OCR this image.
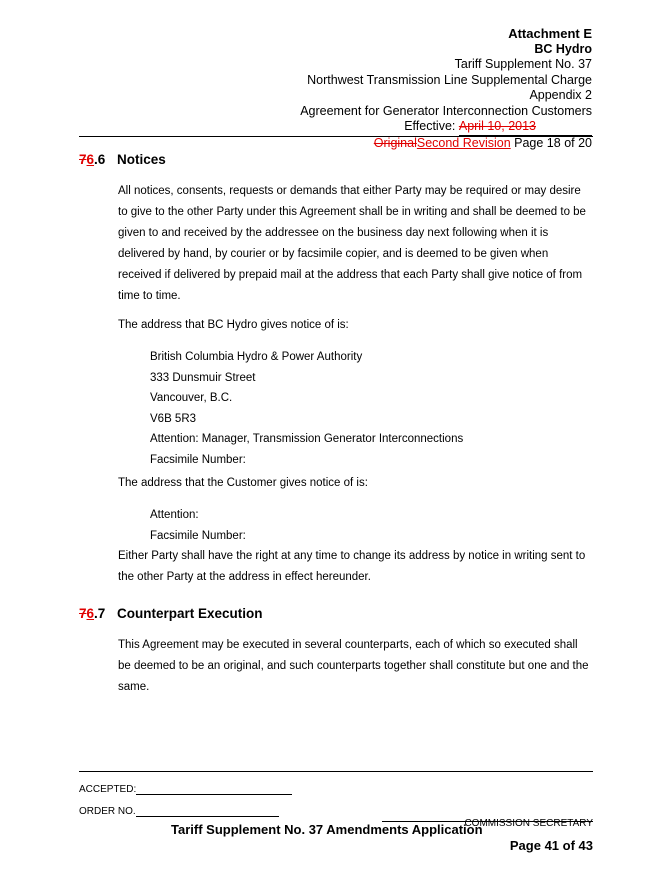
Attachment E
BC Hydro
Tariff Supplement No. 37
Northwest Transmission Line Supplemental Charge
Appendix 2
Agreement for Generator Interconnection Customers
Effective: April 10, 2013
OriginalSecond Revision Page 18 of 20
76.6 Notices
All notices, consents, requests or demands that either Party may be required or may desire to give to the other Party under this Agreement shall be in writing and shall be deemed to be given to and received by the addressee on the business day next following when it is delivered by hand, by courier or by facsimile copier, and is deemed to be given when received if delivered by prepaid mail at the address that each Party shall give notice of from time to time.
The address that BC Hydro gives notice of is:
British Columbia Hydro & Power Authority
333 Dunsmuir Street
Vancouver, B.C.
V6B 5R3
Attention: Manager, Transmission Generator Interconnections
Facsimile Number:
The address that the Customer gives notice of is:
Attention:
Facsimile Number:
Either Party shall have the right at any time to change its address by notice in writing sent to the other Party at the address in effect hereunder.
76.7 Counterpart Execution
This Agreement may be executed in several counterparts, each of which so executed shall be deemed to be an original, and such counterparts together shall constitute but one and the same.
ACCEPTED:
ORDER NO.
COMMISSION SECRETARY
Tariff Supplement No. 37 Amendments Application
Page 41 of 43
